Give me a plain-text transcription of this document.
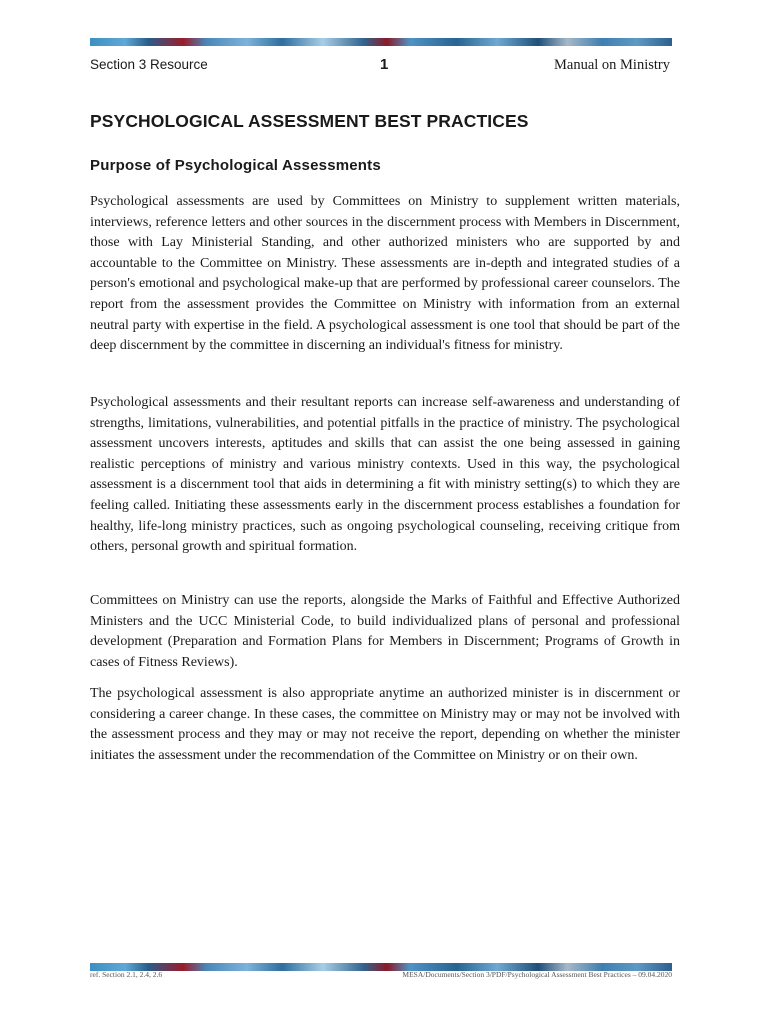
Section 3 Resource	1	Manual on Ministry
PSYCHOLOGICAL ASSESSMENT BEST PRACTICES
Purpose of Psychological Assessments

Psychological assessments are used by Committees on Ministry to supplement written materials, interviews, reference letters and other sources in the discernment process with Members in Discernment, those with Lay Ministerial Standing, and other authorized ministers who are supported by and accountable to the Committee on Ministry. These assessments are in-depth and integrated studies of a person's emotional and psychological make-up that are performed by professional career counselors. The report from the assessment provides the Committee on Ministry with information from an external neutral party with expertise in the field. A psychological assessment is one tool that should be part of the deep discernment by the committee in discerning an individual's fitness for ministry.

Psychological assessments and their resultant reports can increase self-awareness and understanding of strengths, limitations, vulnerabilities, and potential pitfalls in the practice of ministry. The psychological assessment uncovers interests, aptitudes and skills that can assist the one being assessed in gaining realistic perceptions of ministry and various ministry contexts. Used in this way, the psychological assessment is a discernment tool that aids in determining a fit with ministry setting(s) to which they are feeling called. Initiating these assessments early in the discernment process establishes a foundation for healthy, life-long ministry practices, such as ongoing psychological counseling, receiving critique from others, personal growth and spiritual formation.

Committees on Ministry can use the reports, alongside the Marks of Faithful and Effective Authorized Ministers and the UCC Ministerial Code, to build individualized plans of personal and professional development (Preparation and Formation Plans for Members in Discernment; Programs of Growth in cases of Fitness Reviews).

The psychological assessment is also appropriate anytime an authorized minister is in discernment or considering a career change. In these cases, the committee on Ministry may or may not be involved with the assessment process and they may or may not receive the report, depending on whether the minister initiates the assessment under the recommendation of the Committee on Ministry or on their own.

ref. Section 2.1, 2.4, 2.6	MESA/Documents/Section 3/PDF/Psychological Assessment Best Practices – 09.04.2020
